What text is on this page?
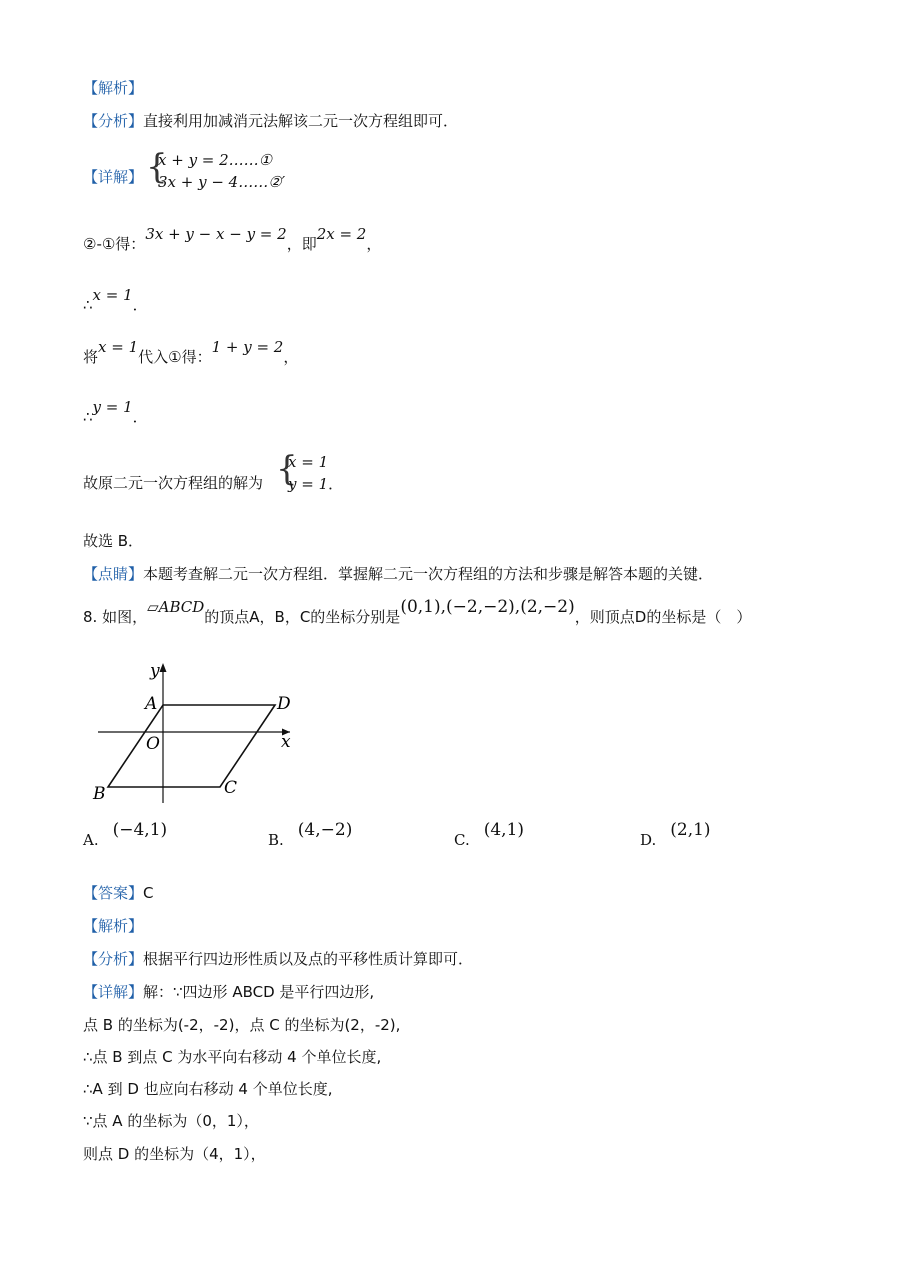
【解析】
【分析】直接利用加减消元法解该二元一次方程组即可．
【详解】 {
x + y = 2……①
3x + y − 4……②′
②-①得：3x + y − x − y = 2，即2x = 2，
∴x = 1．
将x = 1代入①得：1 + y = 2，
∴y = 1．
故原二元一次方程组的解为 {
x = 1
y = 1．
故选 B．
【点睛】本题考查解二元一次方程组．掌握解二元一次方程组的方法和步骤是解答本题的关键．
8. 如图，▱ABCD的顶点A，B，C的坐标分别是(0,1),(−2,−2),(2,−2)，则顶点D的坐标是（　）
y
x
O
A
B	C
D
A. (−4,1)	B. (4,−2)	C. (4,1)	D. (2,1)
【答案】C
【解析】
【分析】根据平行四边形性质以及点的平移性质计算即可．
【详解】解：∵四边形 ABCD 是平行四边形,
点 B 的坐标为(-2，-2)，点 C 的坐标为(2，-2),
∴点 B 到点 C 为水平向右移动 4 个单位长度,
∴A 到 D 也应向右移动 4 个单位长度,
∵点 A 的坐标为（0，1），
则点 D 的坐标为（4，1），
